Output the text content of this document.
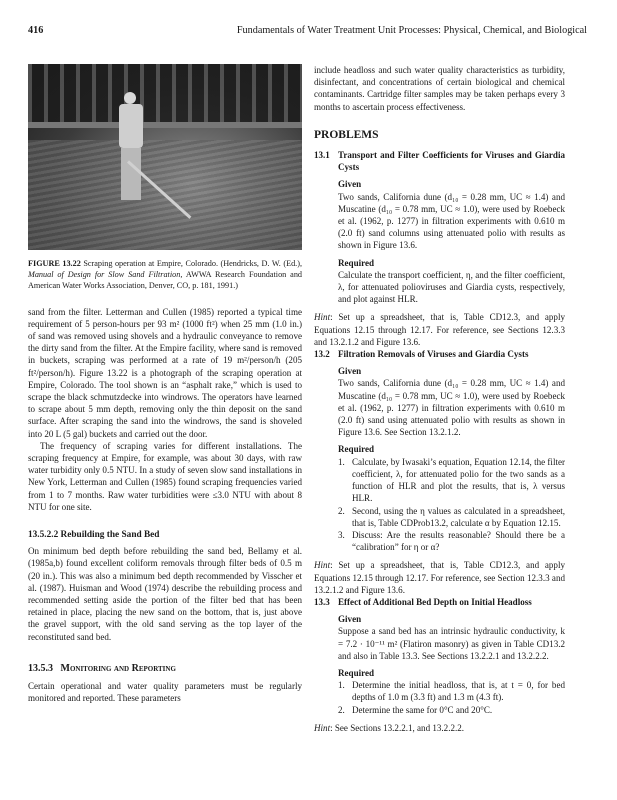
416	Fundamentals of Water Treatment Unit Processes: Physical, Chemical, and Biological
FIGURE 13.22 Scraping operation at Empire, Colorado. (Hendricks, D. W. (Ed.), Manual of Design for Slow Sand Filtration, AWWA Research Foundation and American Water Works Association, Denver, CO, p. 181, 1991.)

sand from the filter. Letterman and Cullen (1985) reported a typical time requirement of 5 person-hours per 93 m² (1000 ft²) when 25 mm (1.0 in.) of sand was removed using shovels and a hydraulic conveyance to remove the dirty sand from the filter. At the Empire facility, where sand is removed in buckets, scraping was performed at a rate of 19 m²/person/h (205 ft²/person/h). Figure 13.22 is a photograph of the scraping operation at Empire, Colorado. The tool shown is an “asphalt rake,” which is used to scrape the black schmutzdecke into windrows. The operators have learned to scrape about 5 mm depth, removing only the thin deposit on the sand surface. After scraping the sand into the windrows, the sand is shoveled into 20 L (5 gal) buckets and carried out the door.

The frequency of scraping varies for different installations. The scraping frequency at Empire, for example, was about 30 days, with raw water turbidity only 0.5 NTU. In a study of seven slow sand installations in New York, Letterman and Cullen (1985) found scraping frequencies varied from 1 to 7 months. Raw water turbidities were ≤3.0 NTU with about 8 NTU for one site.

13.5.2.2 Rebuilding the Sand Bed

On minimum bed depth before rebuilding the sand bed, Bellamy et al. (1985a,b) found excellent coliform removals through filter beds of 0.5 m (20 in.). This was also a minimum bed depth recommended by Visscher et al. (1987). Huisman and Wood (1974) describe the rebuilding process and recommended setting aside the portion of the filter bed that has been retained in place, placing the new sand on the bottom, that is, just above the gravel support, with the old sand serving as the top layer of the reconstituted sand bed.

13.5.3 Monitoring and Reporting

Certain operational and water quality parameters must be regularly monitored and reported. These parameters

include headloss and such water quality characteristics as turbidity, disinfectant, and concentrations of certain biological and chemical contaminants. Cartridge filter samples may be taken perhaps every 3 months to ascertain process effectiveness.

PROBLEMS
13.1 Transport and Filter Coefficients for Viruses and Giardia Cysts
Given

Two sands, California dune (d₁₀ = 0.28 mm, UC ≈ 1.4) and Muscatine (d₁₀ = 0.78 mm, UC ≈ 1.0), were used by Roebeck et al. (1962, p. 1277) in filtration experiments with 0.610 m (2.0 ft) sand columns using attenuated polio with results as shown in Figure 13.6.

Required

Calculate the transport coefficient, η, and the filter coefficient, λ, for attenuated polioviruses and Giardia cysts, respectively, and plot against HLR.

Hint: Set up a spreadsheet, that is, Table CD12.3, and apply Equations 12.15 through 12.17. For reference, see Sections 12.3.3 and 13.2.1.2 and Figure 13.6.

13.2 Filtration Removals of Viruses and Giardia Cysts
Given

Two sands, California dune (d₁₀ = 0.28 mm, UC ≈ 1.4) and Muscatine (d₁₀ = 0.78 mm, UC ≈ 1.0), were used by Roebeck et al. (1962, p. 1277) in filtration experiments with 0.610 m (2.0 ft) sand using attenuated polio with results as shown in Figure 13.6. See Section 13.2.1.2.

Required
1. Calculate, by Iwasaki’s equation, Equation 12.14, the filter coefficient, λ, for attenuated polio for the two sands as a function of HLR and plot the results, that is, λ versus HLR.
2. Second, using the η values as calculated in a spreadsheet, that is, Table CDProb13.2, calculate α by Equation 12.15.
3. Discuss: Are the results reasonable? Should there be a “calibration” for η or α?

Hint: Set up a spreadsheet, that is, Table CD12.3, and apply Equations 12.15 through 12.17. For reference, see Section 12.3.3 and 13.2.1.2 and Figure 13.6.

13.3 Effect of Additional Bed Depth on Initial Headloss
Given

Suppose a sand bed has an intrinsic hydraulic conductivity, k = 7.2 · 10⁻¹¹ m² (Flatiron masonry) as given in Table CD13.2 and also in Table 13.3. See Sections 13.2.2.1 and 13.2.2.2.

Required
1. Determine the initial headloss, that is, at t = 0, for bed depths of 1.0 m (3.3 ft) and 1.3 m (4.3 ft).
2. Determine the same for 0°C and 20°C.

Hint: See Sections 13.2.2.1, and 13.2.2.2.
